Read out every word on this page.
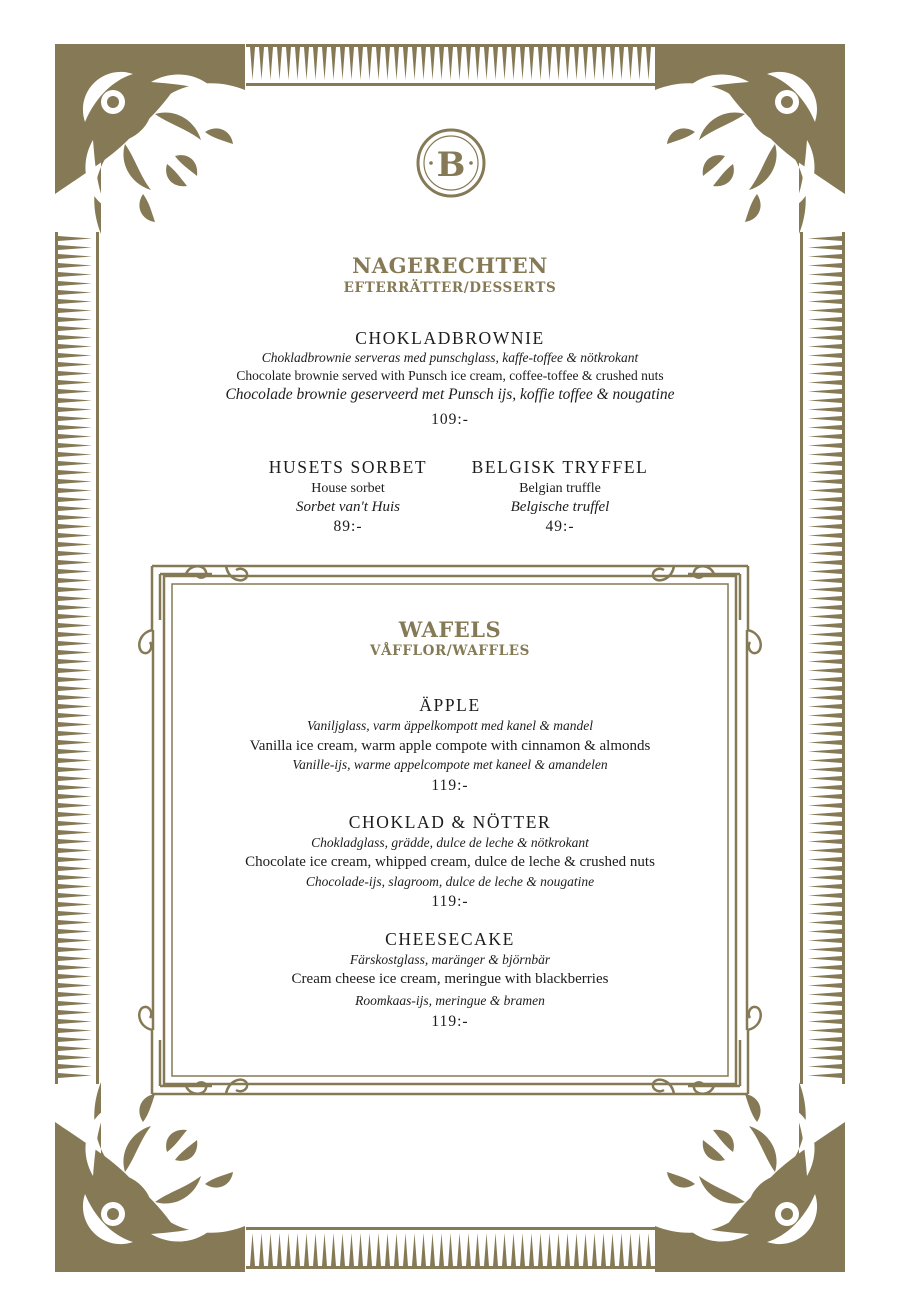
B
NAGERECHTEN
EFTERRÄTTER/DESSERTS
CHOKLADBROWNIE
Chokladbrownie serveras med punschglass, kaffe-toffee & nötkrokant
Chocolate brownie served with Punsch ice cream, coffee-toffee & crushed nuts
Chocolade brownie geserveerd met Punsch ijs, koffie toffee & nougatine
109:-
HUSETS SORBET
House sorbet
Sorbet van't Huis
89:-
BELGISK TRYFFEL
Belgian truffle
Belgische truffel
49:-
WAFELS
VÅFFLOR/WAFFLES
ÄPPLE
Vaniljglass, varm äppelkompott med kanel & mandel
Vanilla ice cream, warm apple compote with cinnamon & almonds
Vanille-ijs, warme appelcompote met kaneel & amandelen
119:-
CHOKLAD & NÖTTER
Chokladglass, grädde, dulce de leche & nötkrokant
Chocolate ice cream, whipped cream, dulce de leche & crushed nuts
Chocolade-ijs, slagroom, dulce de leche & nougatine
119:-
CHEESECAKE
Färskostglass, maränger & björnbär
Cream cheese ice cream, meringue with blackberries
Roomkaas-ijs, meringue & bramen
119:-
